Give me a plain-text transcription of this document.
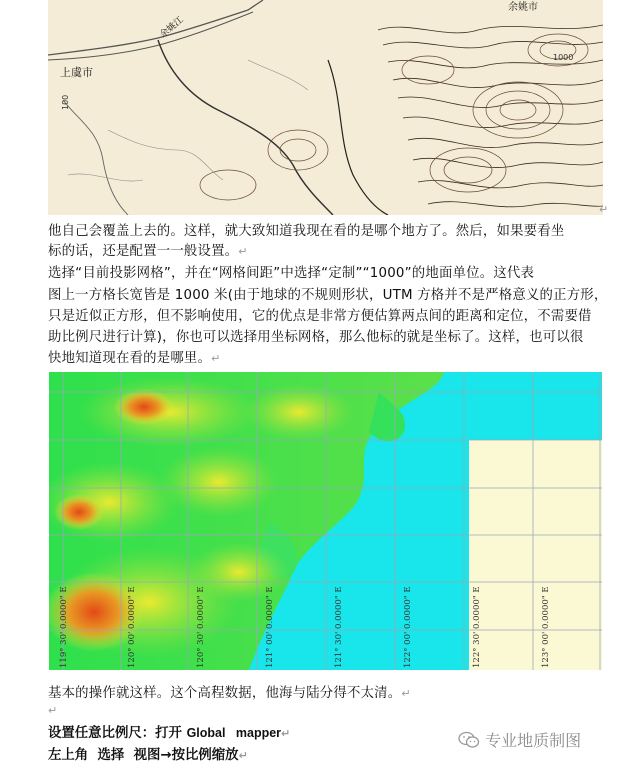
余姚江
上虞市
余姚市
1000
100
↵
他自己会覆盖上去的。这样，就大致知道我现在看的是哪个地方了。然后，如果要看坐
标的话，还是配置一一般设置。↵
选择“目前投影网格”，并在“网格间距”中选择“定制”“1000”的地面单位。这代表
图上一方格长宽皆是 1000 米(由于地球的不规则形状，UTM 方格并不是严格意义的正方形，
只是近似正方形，但不影响使用，它的优点是非常方便估算两点间的距离和定位，不需要借
助比例尺进行计算)，你也可以选择用坐标网格，那么他标的就是坐标了。这样，也可以很
快地知道现在看的是哪里。↵
119° 30' 0.0000" E	120° 00' 0.0000" E	120° 30' 0.0000" E	121° 00' 0.0000" E	121° 30' 0.0000" E	122° 00' 0.0000" E	122° 30' 0.0000" E	123° 00' 0.0000" E
基本的操作就这样。这个高程数据，他海与陆分得不太清。↵
↵
设置任意比例尺：打开 Global   mapper↵
左上角  选择  视图→按比例缩放↵
专业地质制图
